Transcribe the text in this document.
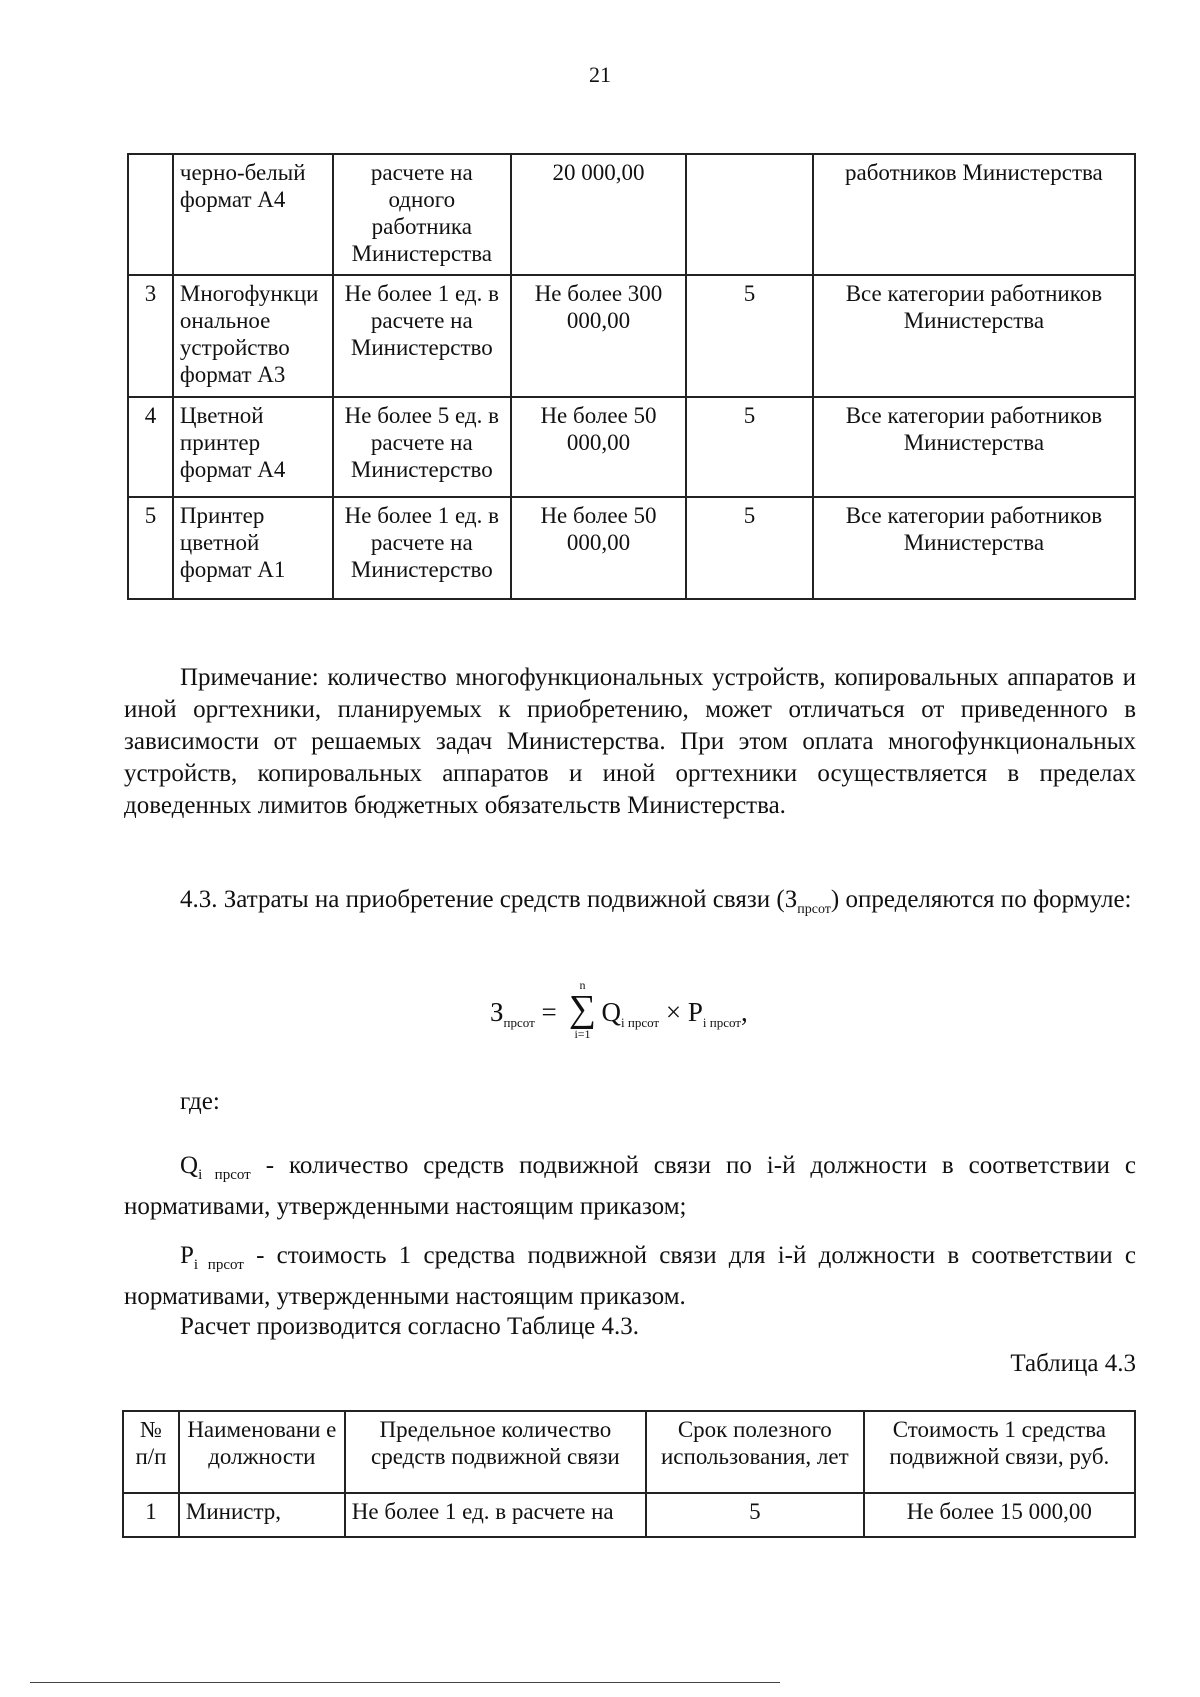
21
	черно-белый формат А4	расчете на одного работника Министерства	20 000,00		работников Министерства
3	Многофункци ональное устройство формат А3	Не более 1 ед. в расчете на Министерство	Не более 300 000,00	5	Все категории работников Министерства
4	Цветной принтер формат А4	Не более 5 ед. в расчете на Министерство	Не более 50 000,00	5	Все категории работников Министерства
5	Принтер цветной формат А1	Не более 1 ед. в расчете на Министерство	Не более 50 000,00	5	Все категории работников Министерства
Примечание: количество многофункциональных устройств, копировальных аппаратов и иной оргтехники, планируемых к приобретению, может отличаться от приведенного в зависимости от решаемых задач Министерства. При этом оплата многофункциональных устройств, копировальных аппаратов и иной оргтехники осуществляется в пределах доведенных лимитов бюджетных обязательств Министерства.
4.3. Затраты на приобретение средств подвижной связи $(З_{прсот})$ определяются по формуле:
$З_{прсот}$ =
n
∑
i=1
$Q_{i прсот} \times P_{i прсот}$,
где:
$Q_{i прсот}$ - количество средств подвижной связи по i-й должности в соответствии с нормативами, утвержденными настоящим приказом;
$P_{i прсот}$ - стоимость 1 средства подвижной связи для i-й должности в соответствии с нормативами, утвержденными настоящим приказом.
Расчет производится согласно Таблице 4.3.
Таблица 4.3
№ п/п	Наименовани е должности	Предельное количество средств подвижной связи	Срок полезного использования, лет	Стоимость 1 средства подвижной связи, руб.
1	Министр,	Не более 1 ед. в расчете на	5	Не более 15 000,00
